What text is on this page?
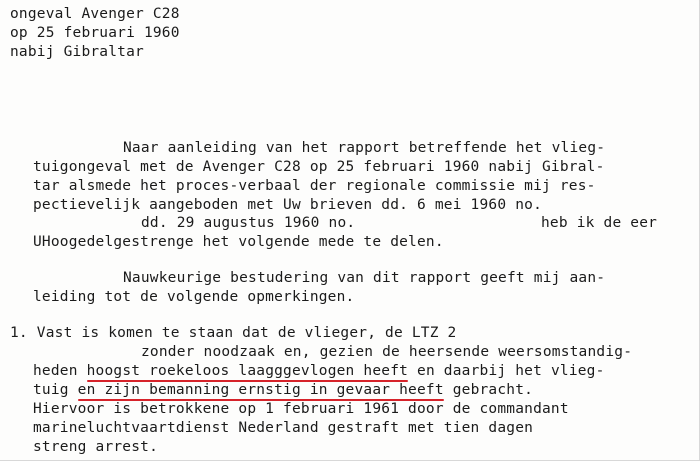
ongeval Avenger C28
op 25 februari 1960
nabij Gibraltar
Naar aanleiding van het rapport betreffende het vlieg-
tuigongeval met de Avenger C28 op 25 februari 1960 nabij Gibral-
tar alsmede het proces-verbaal der regionale commissie mij res-
pectievelijk aangeboden met Uw brieven dd. 6 mei 1960 no.
dd. 29 augustus 1960 no.	heb ik de eer
UHoogedelgestrenge het volgende mede te delen.
Nauwkeurige bestudering van dit rapport geeft mij aan-
leiding tot de volgende opmerkingen.
1. Vast is komen te staan dat de vlieger, de LTZ 2
zonder noodzaak en, gezien de heersende weersomstandig-
heden hoogst roekeloos laagggevlogen heeft en daarbij het vlieg-
tuig en zijn bemanning ernstig in gevaar heeft gebracht.
Hiervoor is betrokkene op 1 februari 1961 door de commandant
marineluchtvaartdienst Nederland gestraft met tien dagen
streng arrest.
